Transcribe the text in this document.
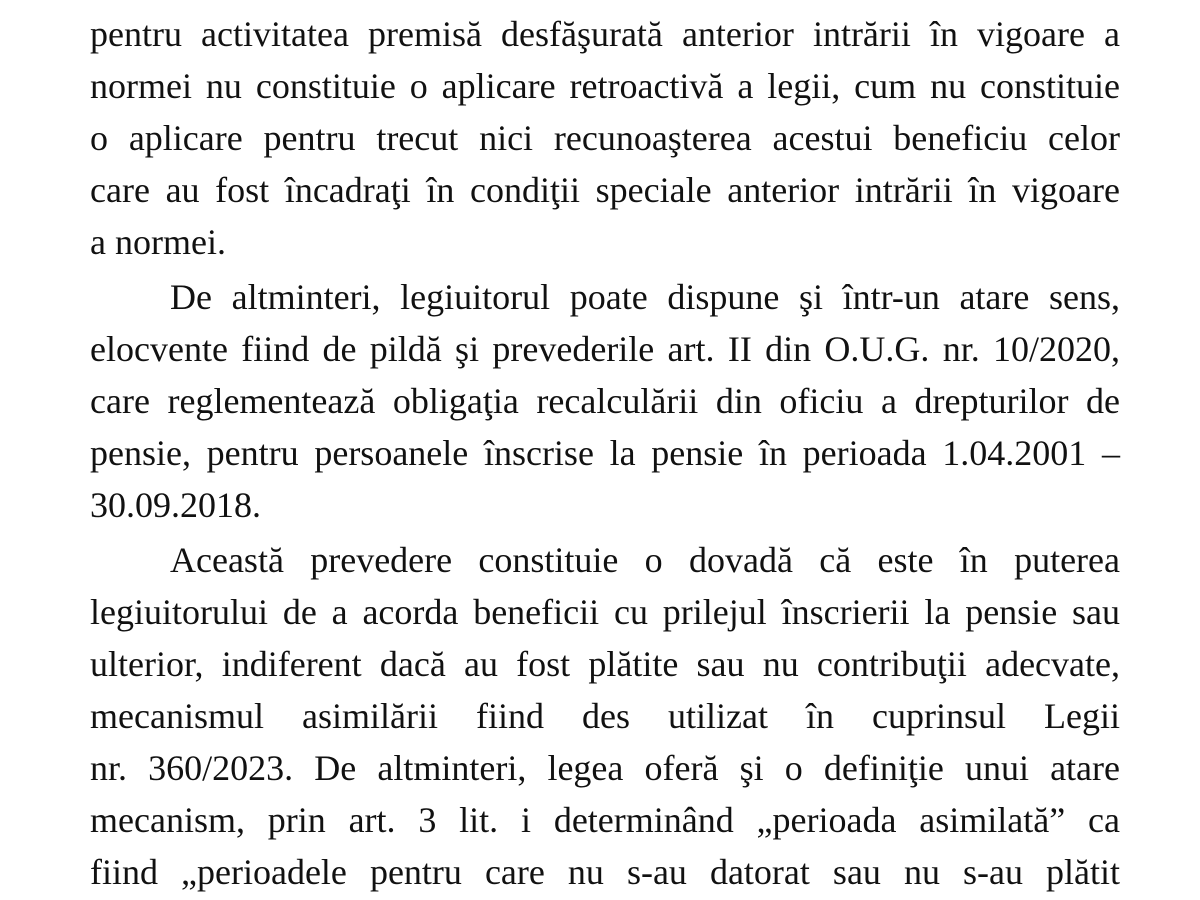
pentru activitatea premisă desfăşurată anterior intrării în vigoare a
normei nu constituie o aplicare retroactivă a legii, cum nu constituie
o aplicare pentru trecut nici recunoaşterea acestui beneficiu celor
care au fost încadraţi în condiţii speciale anterior intrării în vigoare
a normei.
De altminteri, legiuitorul poate dispune şi într-un atare sens,
elocvente fiind de pildă şi prevederile art. II din O.U.G. nr. 10/2020,
care reglementează obligaţia recalculării din oficiu a drepturilor de
pensie, pentru persoanele înscrise la pensie în perioada 1.04.2001 –
30.09.2018.
Această prevedere constituie o dovadă că este în puterea
legiuitorului de a acorda beneficii cu prilejul înscrierii la pensie sau
ulterior, indiferent dacă au fost plătite sau nu contribuţii adecvate,
mecanismul asimilării fiind des utilizat în cuprinsul Legii
nr. 360/2023. De altminteri, legea oferă şi o definiţie unui atare
mecanism, prin art. 3 lit. i determinând „perioada asimilată” ca
fiind „perioadele pentru care nu s-au datorat sau nu s-au plătit
